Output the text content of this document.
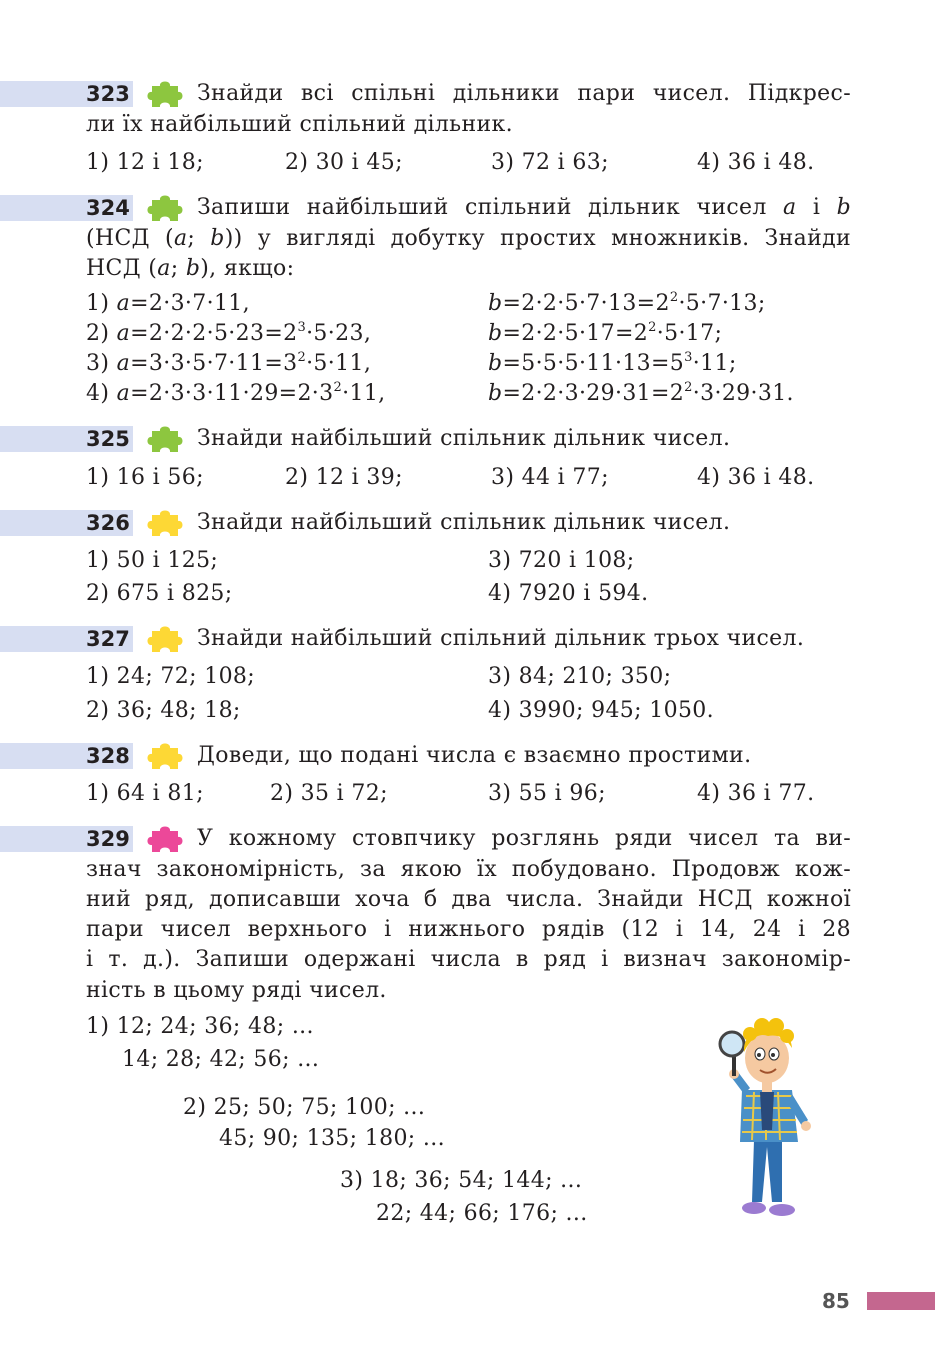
323	Знайди всі спільні дільники пари чисел. Підкрес-
ли їх найбільший спільний дільник.
1) 12 і 18;	2) 30 і 45;	3) 72 і 63;	4) 36 і 48.
324	Запиши найбільший спільний дільник чисел a і b
(НСД (a; b)) у вигляді добутку простих множників. Знайди
НСД (a; b), якщо:
1) a=2·3·7·11,	$b=2\cdot 2\cdot 5\cdot 7\cdot 13=2^2\cdot 5\cdot 7\cdot 13$;
2) $a=2\cdot 2\cdot 2\cdot 5\cdot 23=2^3\cdot 5\cdot 23$,	$b=2\cdot 2\cdot 5\cdot 17=2^2\cdot 5\cdot 17$;
3) $a=3\cdot 3\cdot 5\cdot 7\cdot 11=3^2\cdot 5\cdot 11$,	$b=5\cdot 5\cdot 5\cdot 11\cdot 13=5^3\cdot 11$;
4) $a=2\cdot 3\cdot 3\cdot 11\cdot 29=2\cdot 3^2\cdot 11$,	$b=2\cdot 2\cdot 3\cdot 29\cdot 31=2^2\cdot 3\cdot 29\cdot 31$.
325	Знайди найбільший спільник дільник чисел.
1) 16 і 56;	2) 12 і 39;	3) 44 і 77;	4) 36 і 48.
326	Знайди найбільший спільник дільник чисел.
1) 50 і 125;	3) 720 і 108;
2) 675 і 825;	4) 7920 і 594.
327	Знайди найбільший спільний дільник трьох чисел.
1) 24; 72; 108;	3) 84; 210; 350;
2) 36; 48; 18;	4) 3990; 945; 1050.
328	Доведи, що подані числа є взаємно простими.
1) 64 і 81;	2) 35 і 72;	3) 55 і 96;	4) 36 і 77.
329	У кожному стовпчику розглянь ряди чисел та ви-
знач закономірність, за якою їх побудовано. Продовж кож-
ний ряд, дописавши хоча б два числа. Знайди НСД кожної
пари чисел верхнього і нижнього рядів (12 і 14, 24 і 28
і т. д.). Запиши одержані числа в ряд і визнач закономір-
ність в цьому ряді чисел.
1) 12; 24; 36; 48; ...
14; 28; 42; 56; ...
2) 25; 50; 75; 100; ...
45; 90; 135; 180; ...
3) 18; 36; 54; 144; ...
22; 44; 66; 176; ...
85
